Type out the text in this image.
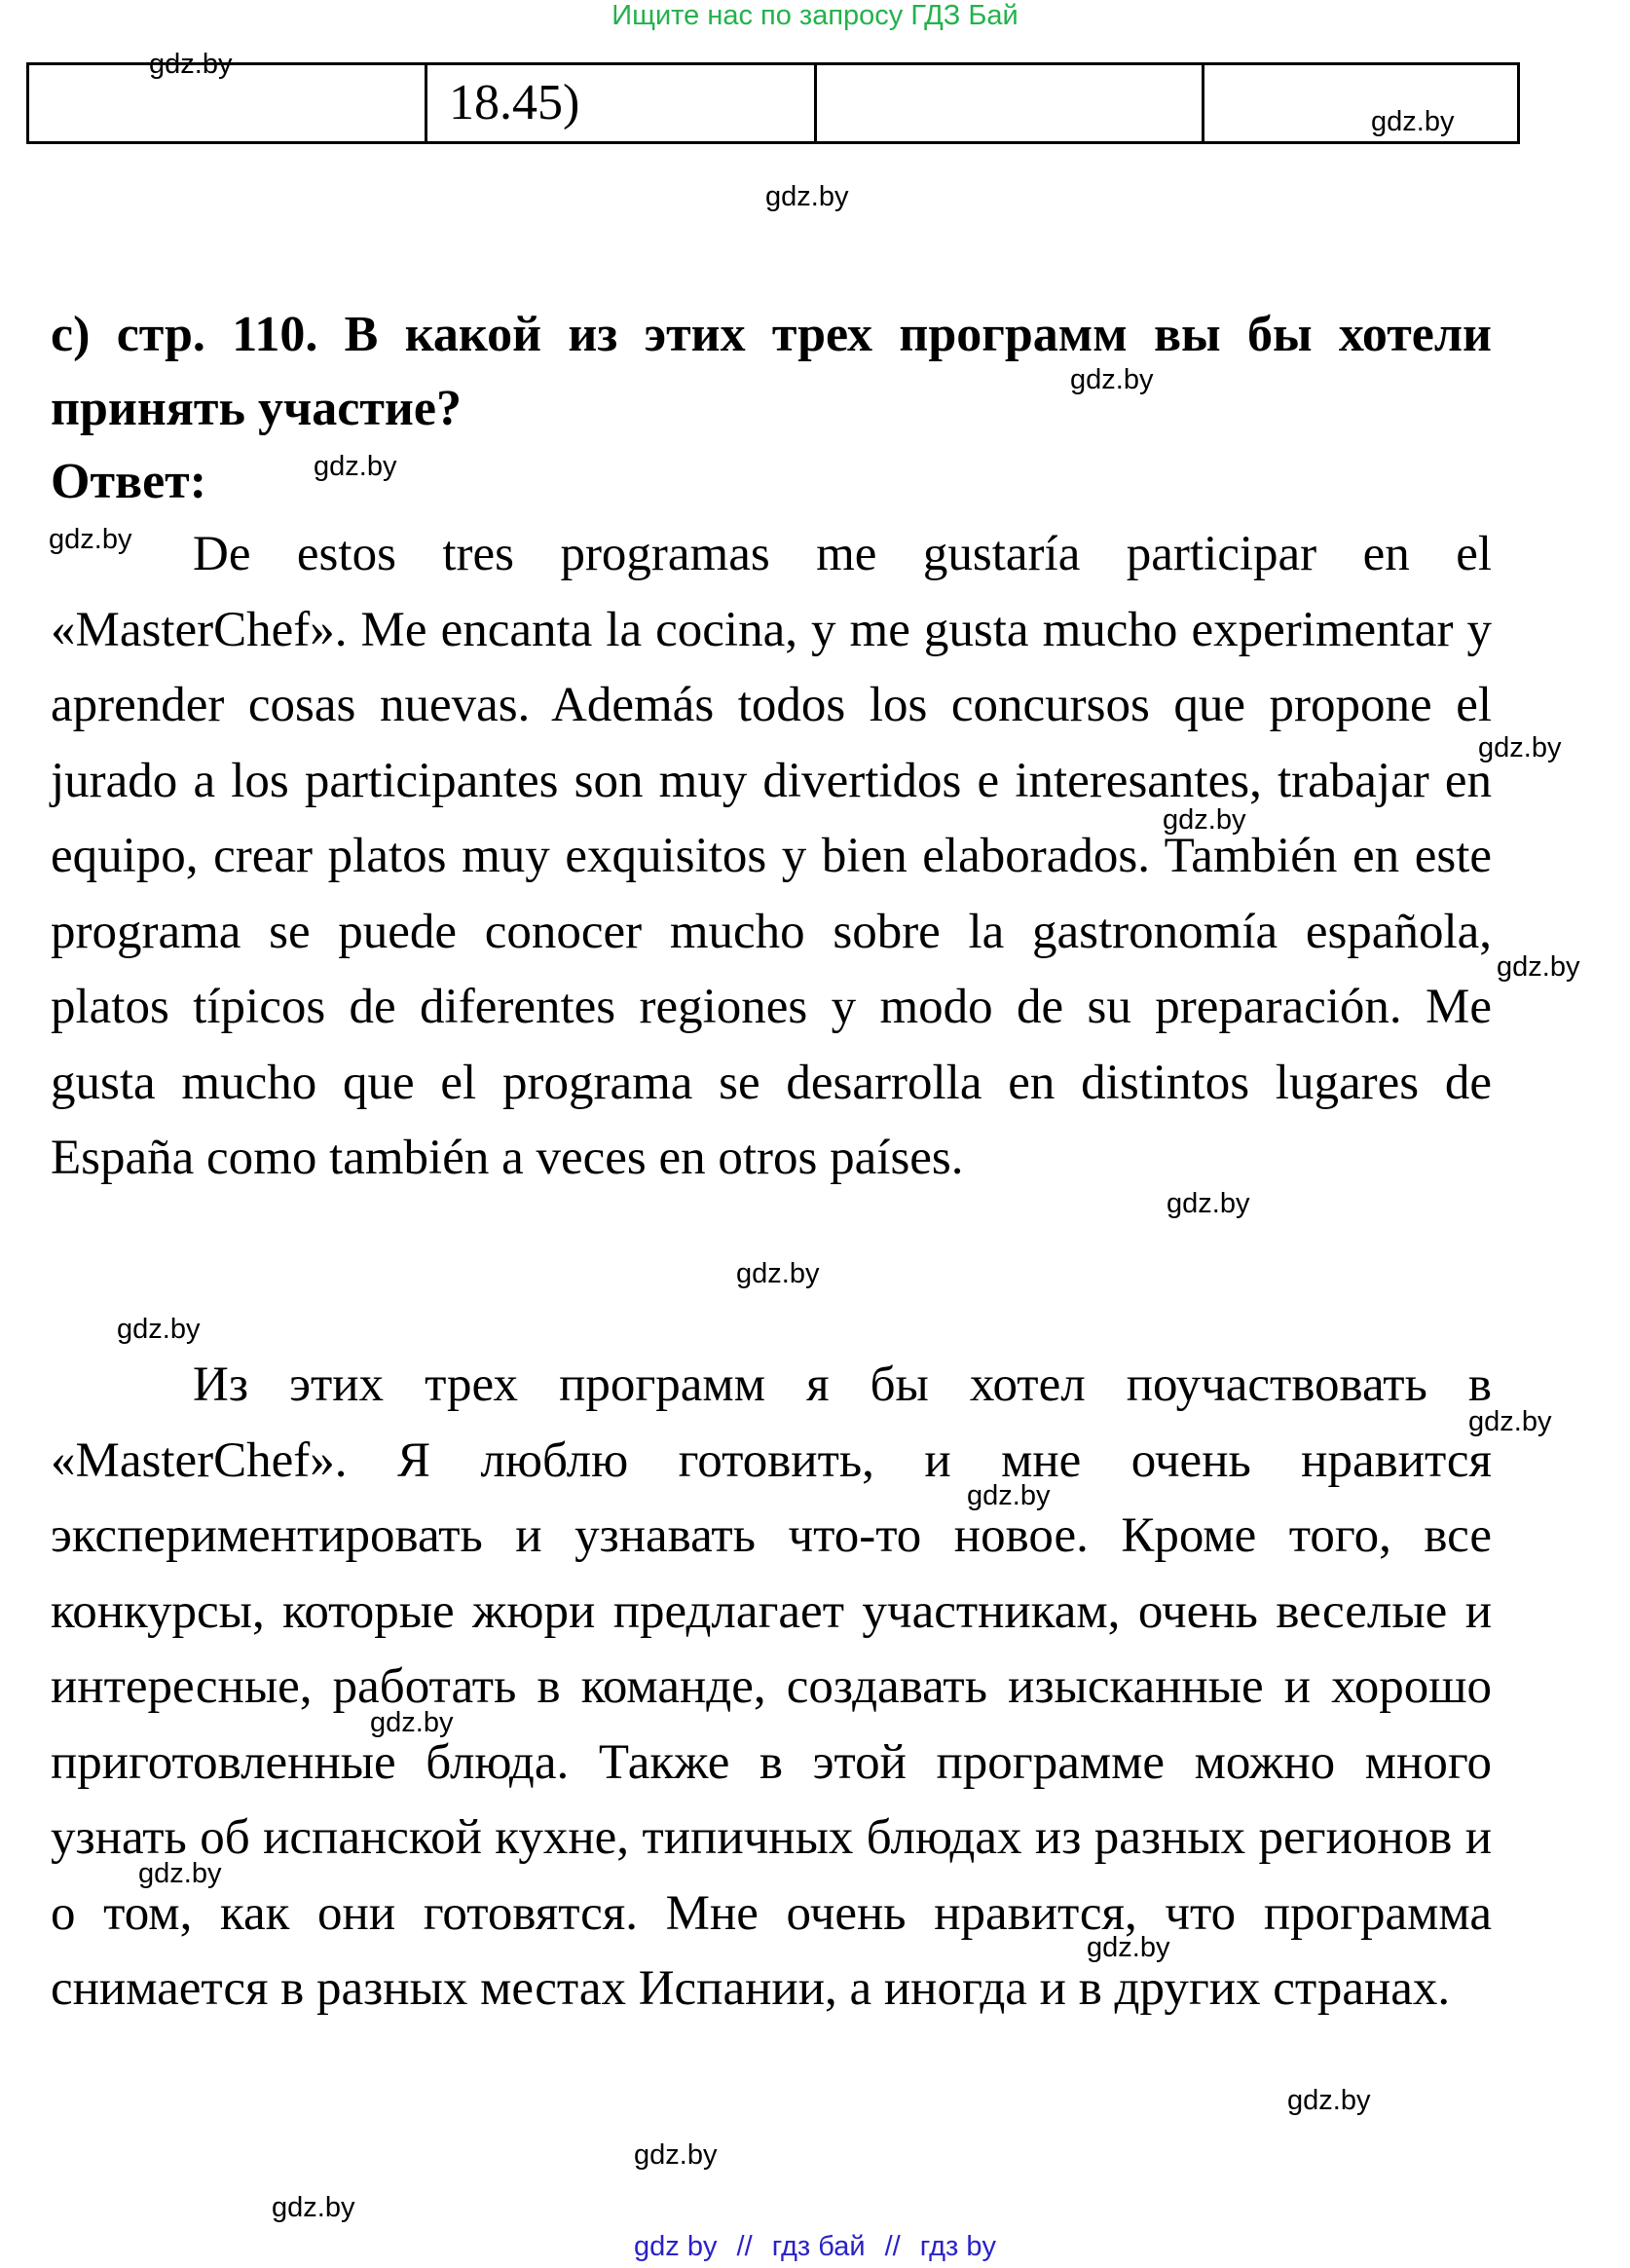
Ищите нас по запросу ГДЗ Бай
	18.45)		
c) стр. 110. В какой из этих трех программ вы бы хотели принять участие?
Ответ:
De estos tres programas me gustaría participar en el «MasterChef». Me encanta la cocina, y me gusta mucho experimentar y aprender cosas nuevas. Además todos los concursos que propone el jurado a los participantes son muy divertidos e interesantes, trabajar en equipo, crear platos muy exquisitos y bien elaborados. También en este programa se puede conocer mucho sobre la gastronomía española, platos típicos de diferentes regiones y modo de su preparación. Me gusta mucho que el programa se desarrolla en distintos lugares de España como también a veces en otros países.
Из этих трех программ я бы хотел поучаствовать в «MasterChef». Я люблю готовить, и мне очень нравится экспериментировать и узнавать что-то новое. Кроме того, все конкурсы, которые жюри предлагает участникам, очень веселые и интересные, работать в команде, создавать изысканные и хорошо приготовленные блюда. Также в этой программе можно много узнать об испанской кухне, типичных блюдах из разных регионов и о том, как они готовятся. Мне очень нравится, что программа снимается в разных местах Испании, а иногда и в других странах.
gdz.by
gdz.by
gdz.by
gdz.by
gdz.by
gdz.by
gdz.by
gdz.by
gdz.by
gdz.by
gdz.by
gdz.by
gdz.by
gdz.by
gdz.by
gdz.by
gdz.by
gdz.by
gdz.by
gdz.by
gdz by // гдз бай // гдз by
